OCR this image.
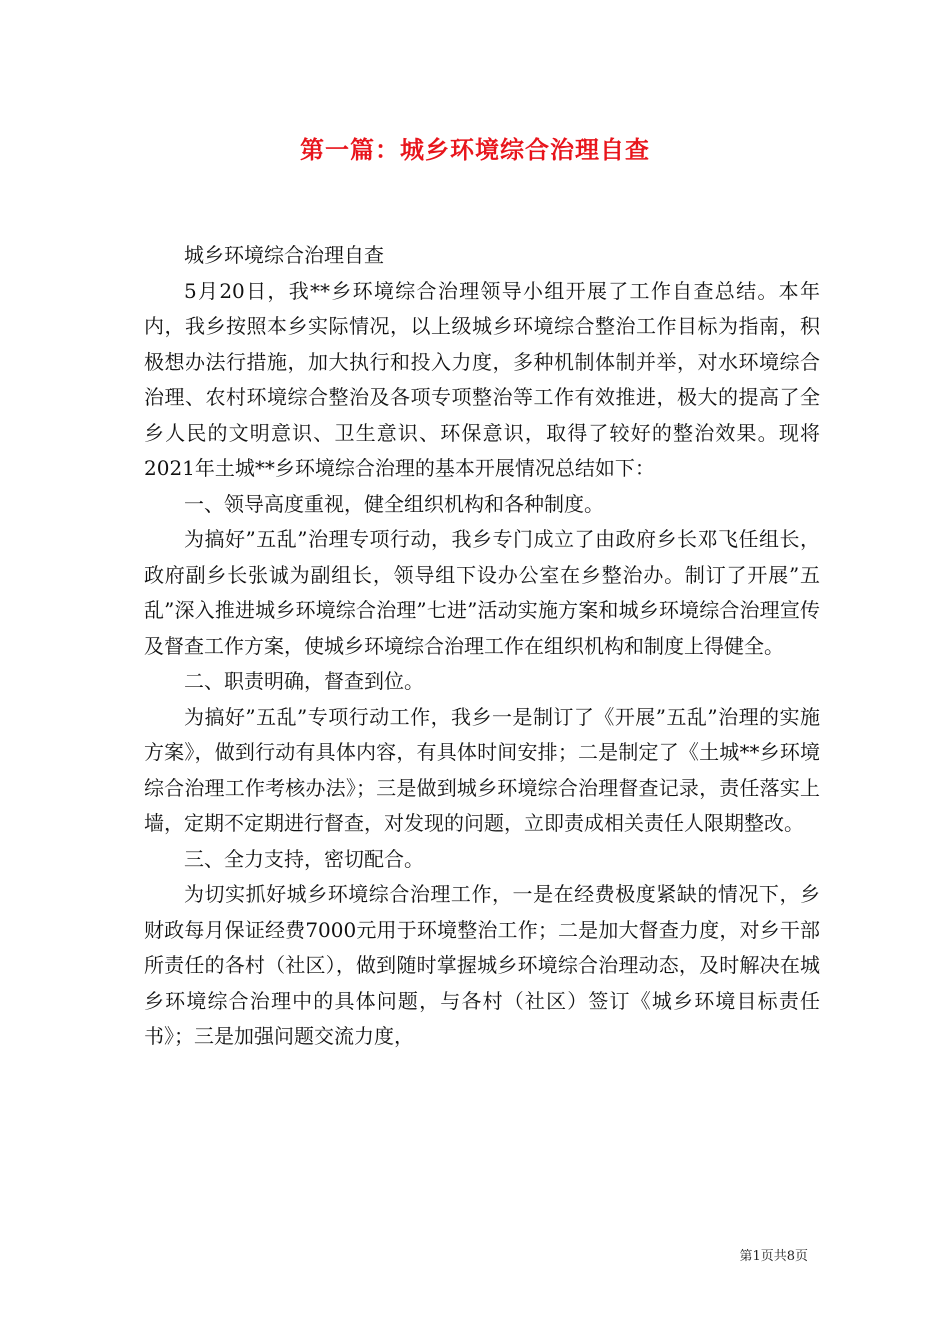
第一篇：城乡环境综合治理自查

城乡环境综合治理自查

5月20日，我**乡环境综合治理领导小组开展了工作自查总结。本年内，我乡按照本乡实际情况，以上级城乡环境综合整治工作目标为指南，积极想办法行措施，加大执行和投入力度，多种机制体制并举，对水环境综合治理、农村环境综合整治及各项专项整治等工作有效推进，极大的提高了全乡人民的文明意识、卫生意识、环保意识，取得了较好的整治效果。现将2021年土城**乡环境综合治理的基本开展情况总结如下：

一、领导高度重视，健全组织机构和各种制度。

为搞好”五乱”治理专项行动，我乡专门成立了由政府乡长邓飞任组长，政府副乡长张诚为副组长，领导组下设办公室在乡整治办。制订了开展”五乱”深入推进城乡环境综合治理”七进”活动实施方案和城乡环境综合治理宣传及督查工作方案，使城乡环境综合治理工作在组织机构和制度上得健全。

二、职责明确，督查到位。

为搞好”五乱”专项行动工作，我乡一是制订了《开展”五乱”治理的实施方案》，做到行动有具体内容，有具体时间安排；二是制定了《土城**乡环境综合治理工作考核办法》；三是做到城乡环境综合治理督查记录，责任落实上墙，定期不定期进行督查，对发现的问题，立即责成相关责任人限期整改。

三、全力支持，密切配合。

为切实抓好城乡环境综合治理工作，一是在经费极度紧缺的情况下，乡财政每月保证经费7000元用于环境整治工作；二是加大督查力度，对乡干部所责任的各村（社区），做到随时掌握城乡环境综合治理动态，及时解决在城乡环境综合治理中的具体问题，与各村（社区）签订《城乡环境目标责任书》；三是加强问题交流力度，

第1页共8页
